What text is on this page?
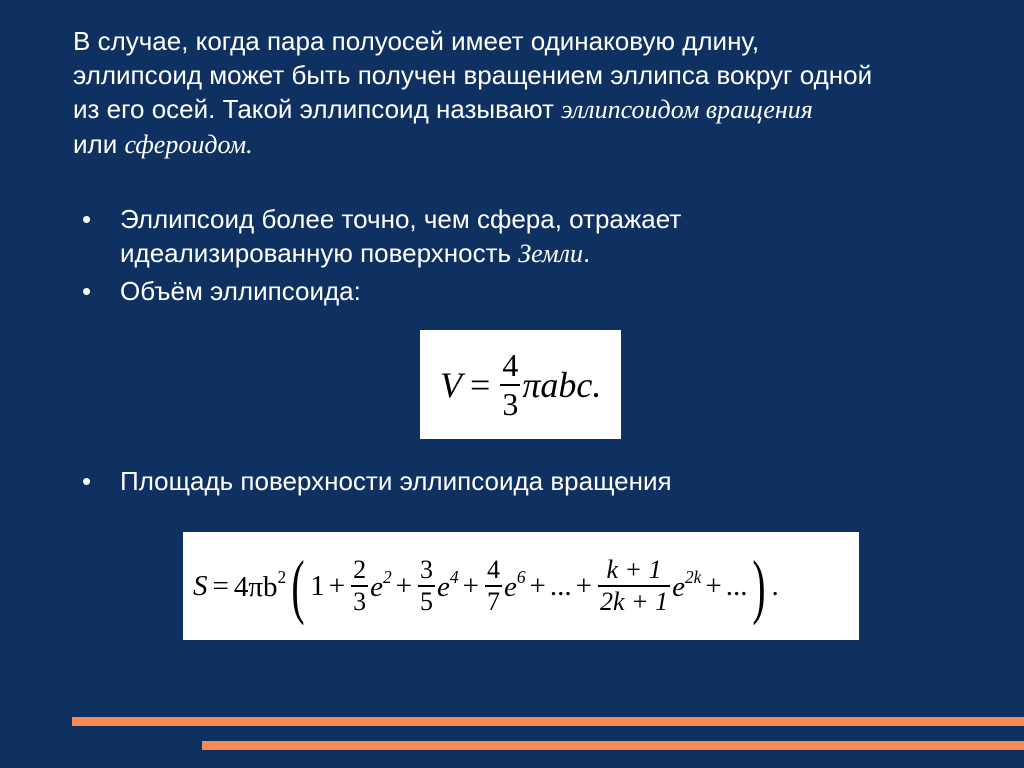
В случае, когда пара полуосей имеет одинаковую длину,
эллипсоид может быть получен вращением эллипса вокруг одной
из его осей. Такой эллипсоид называют эллипсоидом вращения
или сфероидом.
• Эллипсоид более точно, чем сфера, отражает
идеализированную поверхность Земли.
• Объём эллипсоида:
$V = \frac{4}{3} \pi abc$.
• Площадь поверхности эллипсоида вращения
$S = 4\pi b^2$ ( $1 + \frac{2}{3} e^2 + \frac{3}{5} e^4 + \frac{4}{7} e^6$ + ... + $\frac{k + 1}{2k + 1} e^{2k}$ + ... ) .
